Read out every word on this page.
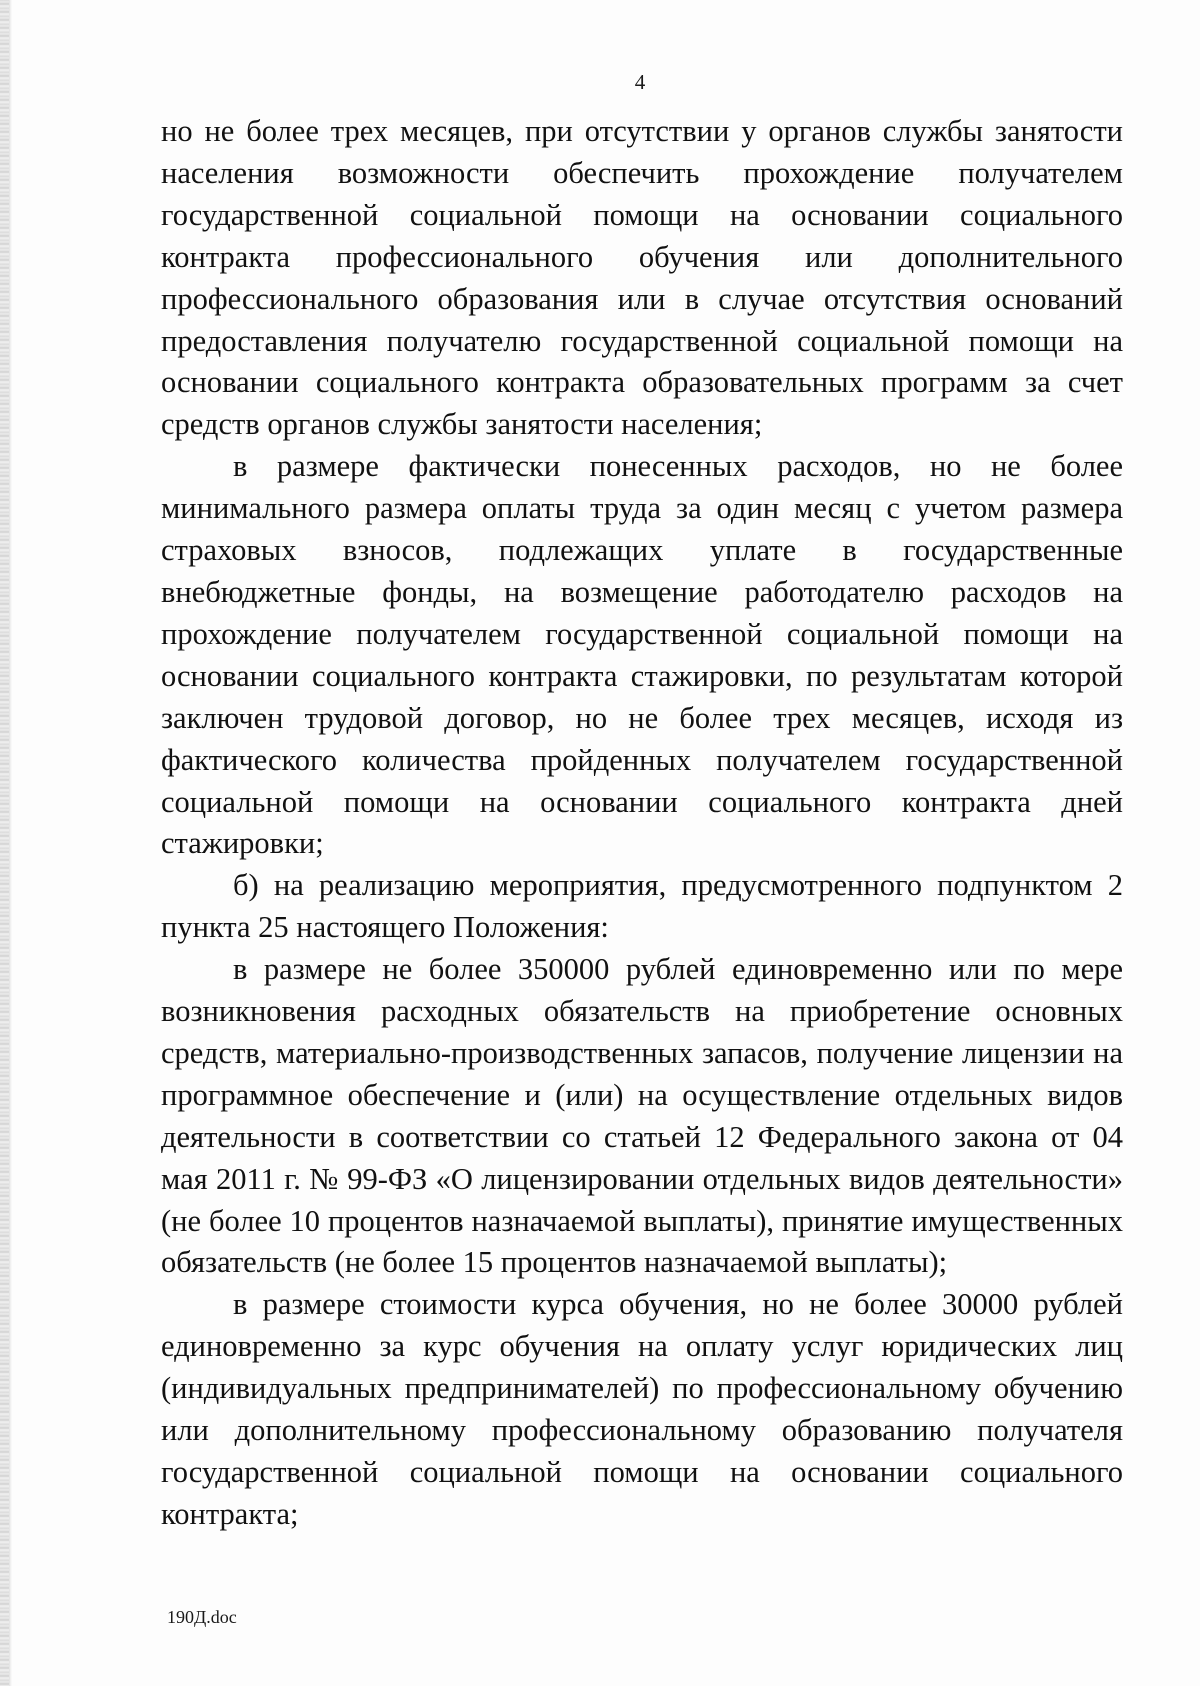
4

но не более трех месяцев, при отсутствии у органов службы занятости населения возможности обеспечить прохождение получателем государственной социальной помощи на основании социального контракта профессионального обучения или дополнительного профессионального образования или в случае отсутствия оснований предоставления получателю государственной социальной помощи на основании социального контракта образовательных программ за счет средств органов службы занятости населения;

в размере фактически понесенных расходов, но не более минимального размера оплаты труда за один месяц с учетом размера страховых взносов, подлежащих уплате в государственные внебюджетные фонды, на возмещение работодателю расходов на прохождение получателем государственной социальной помощи на основании социального контракта стажировки, по результатам которой заключен трудовой договор, но не более трех месяцев, исходя из фактического количества пройденных получателем государственной социальной помощи на основании социального контракта дней стажировки;

б) на реализацию мероприятия, предусмотренного подпунктом 2 пункта 25 настоящего Положения:

в размере не более 350000 рублей единовременно или по мере возникновения расходных обязательств на приобретение основных средств, материально-производственных запасов, получение лицензии на программное обеспечение и (или) на осуществление отдельных видов деятельности в соответствии со статьей 12 Федерального закона от 04 мая 2011 г. № 99-ФЗ «О лицензировании отдельных видов деятельности» (не более 10 процентов назначаемой выплаты), принятие имущественных обязательств (не более 15 процентов назначаемой выплаты);

в размере стоимости курса обучения, но не более 30000 рублей единовременно за курс обучения на оплату услуг юридических лиц (индивидуальных предпринимателей) по профессиональному обучению или дополнительному профессиональному образованию получателя государственной социальной помощи на основании социального контракта;

190Д.doc
